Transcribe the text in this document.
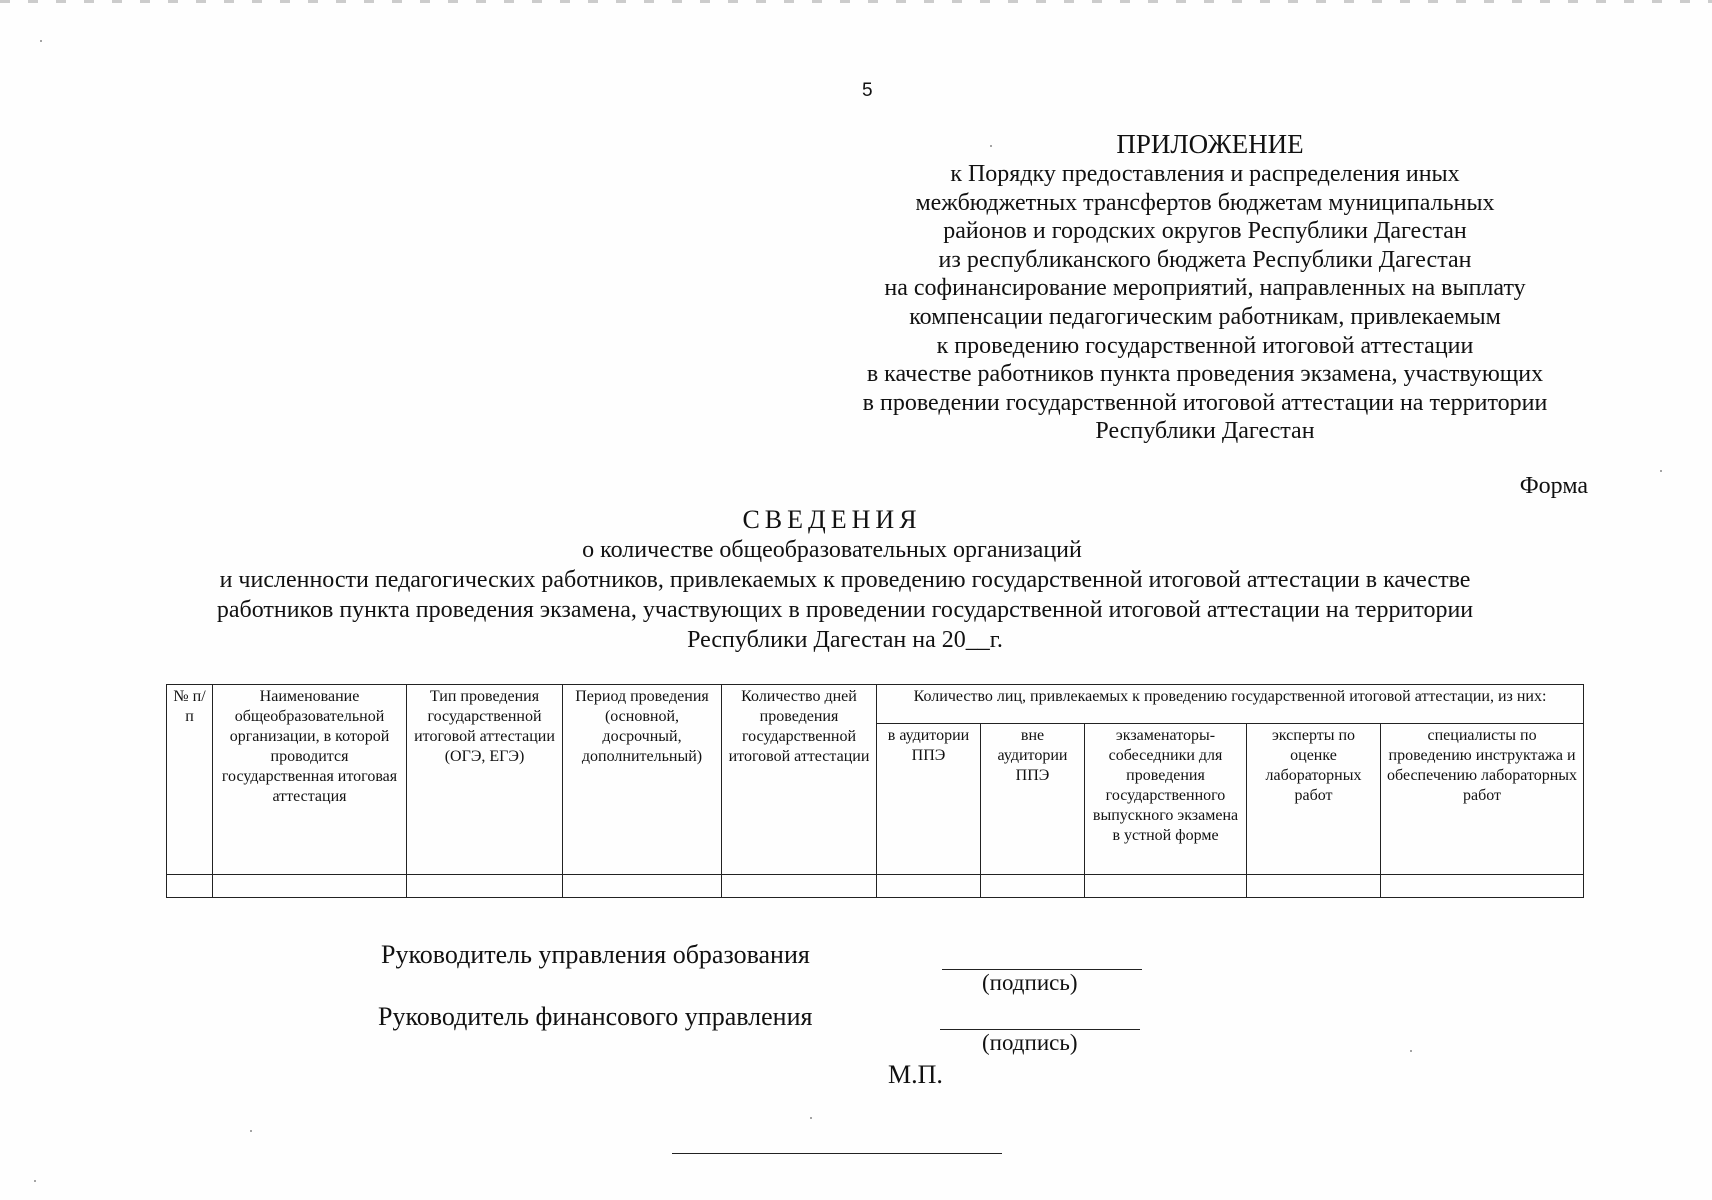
5
ПРИЛОЖЕНИЕ
к Порядку предоставления и распределения иных
межбюджетных трансфертов бюджетам муниципальных
районов и городских округов Республики Дагестан
из республиканского бюджета Республики Дагестан
на софинансирование мероприятий, направленных на выплату
компенсации педагогическим работникам, привлекаемым
к проведению государственной итоговой аттестации
в качестве работников пункта проведения экзамена, участвующих
в проведении государственной итоговой аттестации на территории
Республики Дагестан
Форма
СВЕДЕНИЯ
о количестве общеобразовательных организаций
и численности педагогических работников, привлекаемых к проведению государственной итоговой аттестации в качестве
работников пункта проведения экзамена, участвующих в проведении государственной итоговой аттестации на территории
Республики Дагестан на 20__г.
№ п/п	Наименование общеобразовательной организации, в которой проводится государственная итоговая аттестация	Тип проведения государственной итоговой аттестации (ОГЭ, ЕГЭ)	Период проведения (основной, досрочный, дополнительный)	Количество дней проведения государственной итоговой аттестации	Количество лиц, привлекаемых к проведению государственной итоговой аттестации, из них:				
					в аудитории ППЭ	вне аудитории ППЭ	экзаменаторы-собеседники для проведения государственного выпускного экзамена в устной форме	эксперты по оценке лабораторных работ	специалисты по проведению инструктажа и обеспечению лабораторных работ

Руководитель управления образования
(подпись)
Руководитель финансового управления
(подпись)
М.П.
